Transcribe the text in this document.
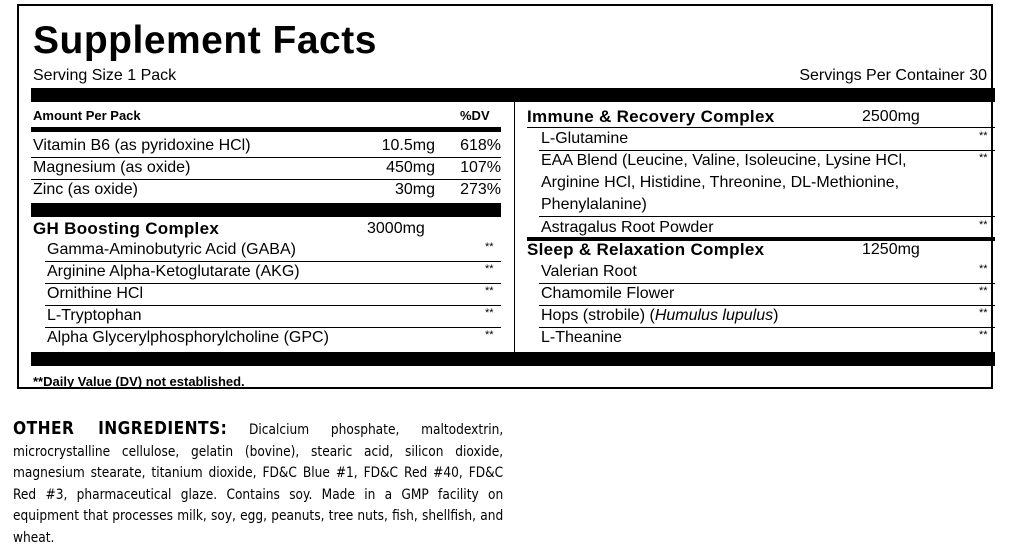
Supplement Facts
Serving Size 1 Pack	Servings Per Container 30
Amount Per Pack	%DV
Vitamin B6 (as pyridoxine HCl)	10.5mg	618%
Magnesium (as oxide)	450mg	107%
Zinc (as oxide)	30mg	273%
GH Boosting Complex	3000mg
Gamma-Aminobutyric Acid (GABA)	**
Arginine Alpha-Ketoglutarate (AKG)	**
Ornithine HCl	**
L-Tryptophan	**
Alpha Glycerylphosphorylcholine (GPC)	**
Immune & Recovery Complex	2500mg
L-Glutamine	**
EAA Blend (Leucine, Valine, Isoleucine, Lysine HCl,	**
Arginine HCl, Histidine, Threonine, DL-Methionine,
Phenylalanine)
Astragalus Root Powder	**
Sleep & Relaxation Complex	1250mg
Valerian Root	**
Chamomile Flower	**
Hops (strobile) (Humulus lupulus)	**
L-Theanine	**
**Daily Value (DV) not established.
OTHER INGREDIENTS: Dicalcium phosphate, maltodextrin, microcrystalline cellulose, gelatin (bovine), stearic acid, silicon dioxide, magnesium stearate, titanium dioxide, FD&C Blue #1, FD&C Red #40, FD&C Red #3, pharmaceutical glaze. Contains soy. Made in a GMP facility on equipment that processes milk, soy, egg, peanuts, tree nuts, fish, shellfish, and wheat.
